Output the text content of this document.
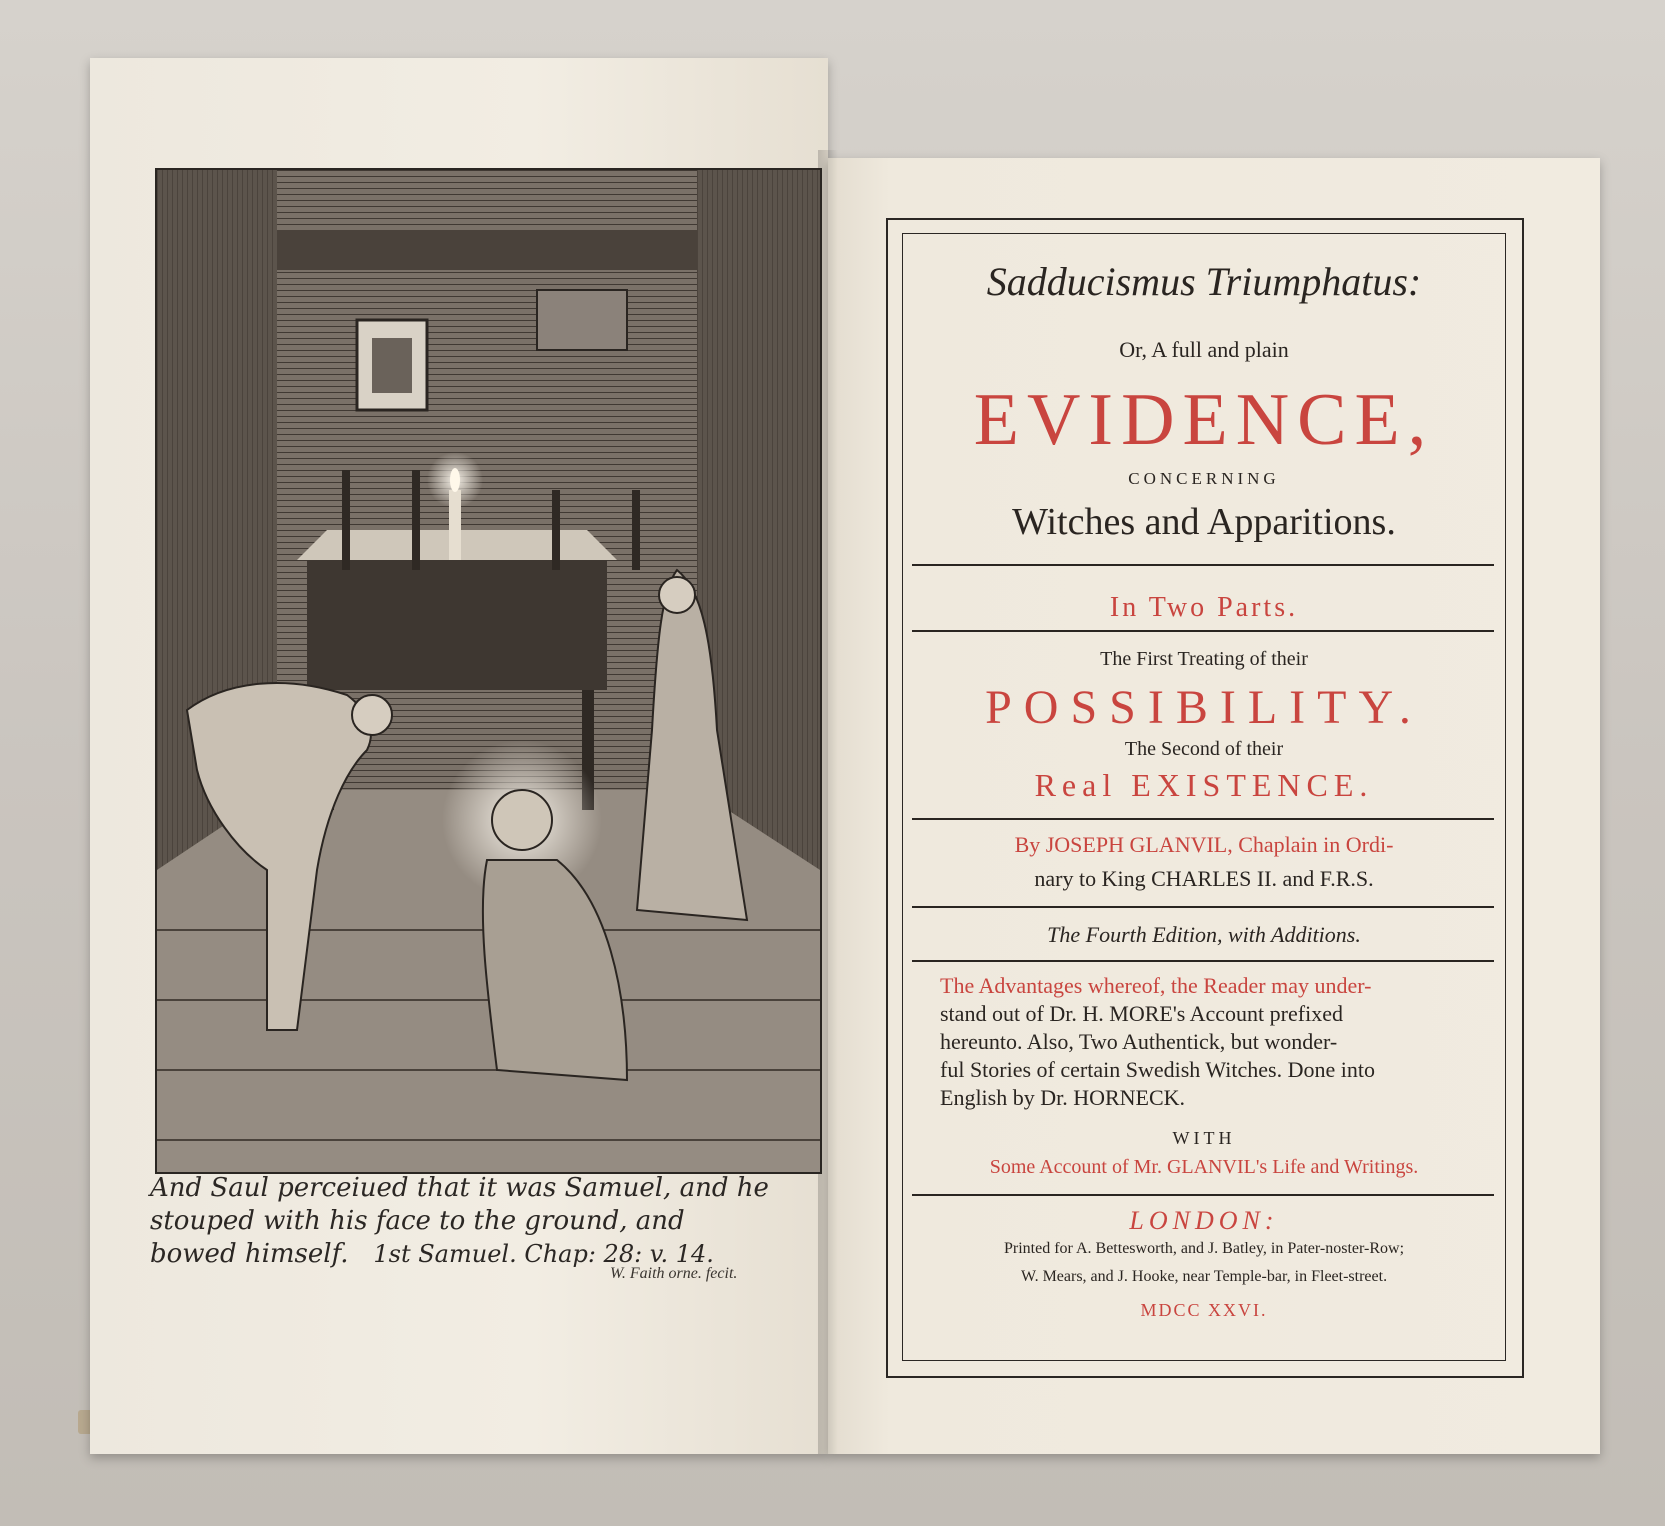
And Saul perceiued that it was Samuel, and he
stouped with his face to the ground, and
bowed himself. 1st Samuel. Chap: 28: v. 14.
W. Faith orne. fecit.
Sadducismus Triumphatus:
Or, A full and plain
EVIDENCE,
CONCERNING
Witches and Apparitions.
In Two Parts.
The First Treating of their
POSSIBILITY.
The Second of their
Real EXISTENCE.
By JOSEPH GLANVIL, Chaplain in Ordi-
nary to King CHARLES II. and F.R.S.
The Fourth Edition, with Additions.
The Advantages whereof, the Reader may under-
stand out of Dr. H. MORE's Account prefixed
hereunto. Also, Two Authentick, but wonder-
ful Stories of certain Swedish Witches. Done into
English by Dr. HORNECK.
WITH
Some Account of Mr. GLANVIL's Life and Writings.
LONDON:
Printed for A. Bettesworth, and J. Batley, in Pater-noster-Row;
W. Mears, and J. Hooke, near Temple-bar, in Fleet-street.
MDCC XXVI.
